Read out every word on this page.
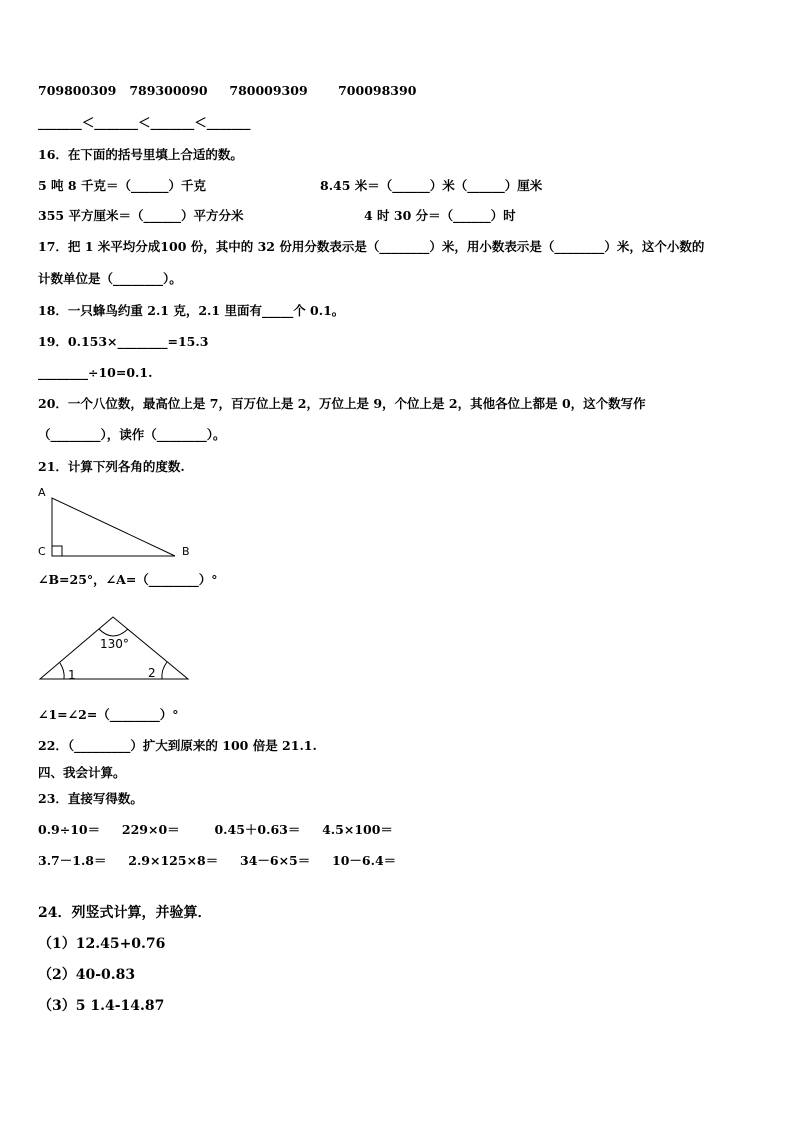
709800309   789300090     780009309       700098390
_______＜_______＜_______＜_______
16．在下面的括号里填上合适的数。
5 吨 8 千克＝（______）千克	8.45 米＝（______）米（______）厘米
355 平方厘米＝（______）平方分米	4 时 30 分＝（______）时
17．把 1 米平均分成100 份，其中的 32 份用分数表示是（________）米，用小数表示是（________）米，这个小数的
计数单位是（________）。
18．一只蜂鸟约重 2.1 克，2.1 里面有_____个 0.1。
19．0.153×________=15.3
________÷10=0.1.
20．一个八位数，最高位上是 7，百万位上是 2，万位上是 9，个位上是 2，其他各位上都是 0，这个数写作
（________），读作（________）。
21．计算下列各角的度数.
A
C	B
∠B=25°，∠A=（________）°
130°
1	2
∠1=∠2=（________）°
22．（_________）扩大到原来的 100 倍是 21.1.
四、我会计算。
23．直接写得数。
0.9÷10＝     229×0＝        0.45＋0.63＝     4.5×100＝
3.7－1.8＝     2.9×125×8＝     34－6×5＝     10－6.4＝
24．列竖式计算，并验算．
（1）12.45+0.76
（2）40-0.83
（3）5 1.4-14.87
